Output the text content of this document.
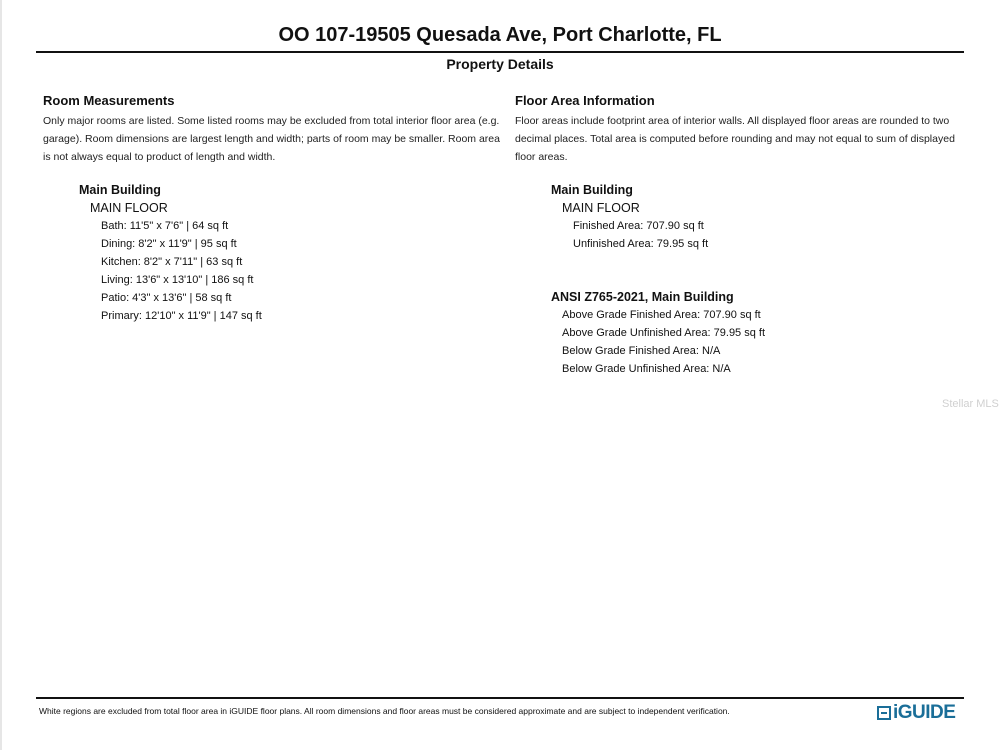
OO 107-19505 Quesada Ave, Port Charlotte, FL
Property Details
Room Measurements
Only major rooms are listed. Some listed rooms may be excluded from total interior floor area (e.g. garage). Room dimensions are largest length and width; parts of room may be smaller. Room area is not always equal to product of length and width.
Main Building
MAIN FLOOR
Bath: 11'5" x 7'6" | 64 sq ft
Dining: 8'2" x 11'9" | 95 sq ft
Kitchen: 8'2" x 7'11" | 63 sq ft
Living: 13'6" x 13'10" | 186 sq ft
Patio: 4'3" x 13'6" | 58 sq ft
Primary: 12'10" x 11'9" | 147 sq ft
Floor Area Information
Floor areas include footprint area of interior walls. All displayed floor areas are rounded to two decimal places. Total area is computed before rounding and may not equal to sum of displayed floor areas.
Main Building
MAIN FLOOR
Finished Area: 707.90 sq ft
Unfinished Area: 79.95 sq ft
ANSI Z765-2021, Main Building
Above Grade Finished Area: 707.90 sq ft
Above Grade Unfinished Area: 79.95 sq ft
Below Grade Finished Area: N/A
Below Grade Unfinished Area: N/A
Stellar MLS
White regions are excluded from total floor area in iGUIDE floor plans. All room dimensions and floor areas must be considered approximate and are subject to independent verification.	iGUIDE
